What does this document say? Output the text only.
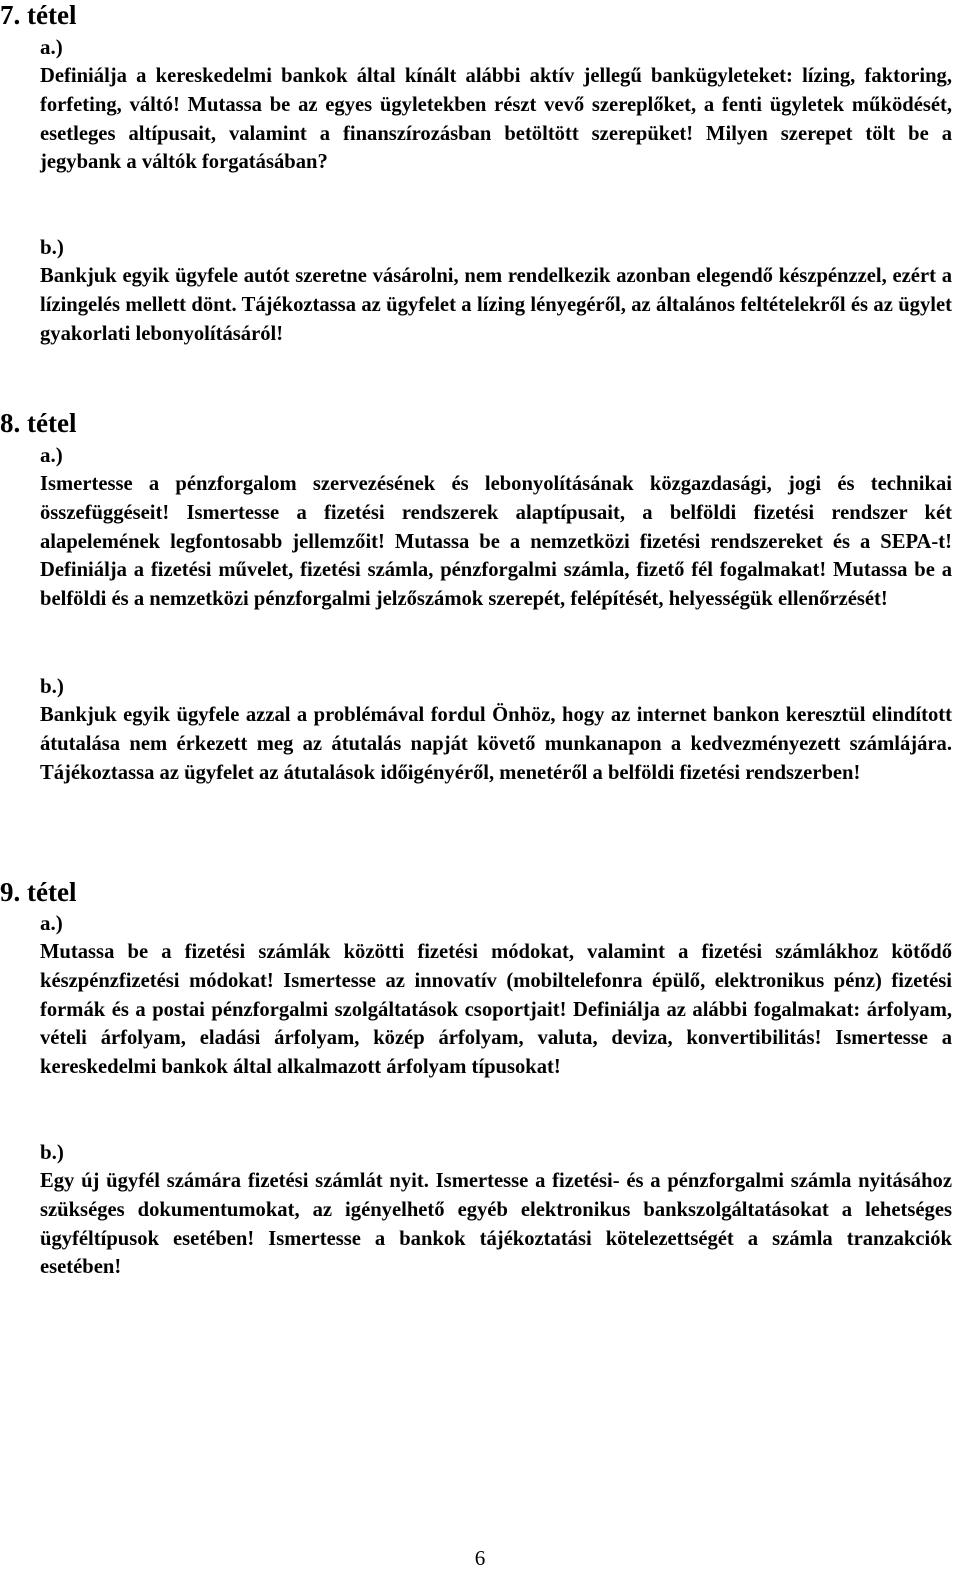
7. tétel
a.)
Definiálja a kereskedelmi bankok által kínált alábbi aktív jellegű bankügyleteket: lízing, faktoring, forfeting, váltó! Mutassa be az egyes ügyletekben részt vevő szereplőket, a fenti ügyletek működését, esetleges altípusait, valamint a finanszírozásban betöltött szerepüket! Milyen szerepet tölt be a jegybank a váltók forgatásában?
b.)
Bankjuk egyik ügyfele autót szeretne vásárolni, nem rendelkezik azonban elegendő készpénzzel, ezért a lízingelés mellett dönt. Tájékoztassa az ügyfelet a lízing lényegéről, az általános feltételekről és az ügylet gyakorlati lebonyolításáról!
8. tétel
a.)
Ismertesse a pénzforgalom szervezésének és lebonyolításának közgazdasági, jogi és technikai összefüggéseit! Ismertesse a fizetési rendszerek alaptípusait, a belföldi fizetési rendszer két alapelemének legfontosabb jellemzőit! Mutassa be a nemzetközi fizetési rendszereket és a SEPA-t! Definiálja a fizetési művelet, fizetési számla, pénzforgalmi számla, fizető fél fogalmakat! Mutassa be a belföldi és a nemzetközi pénzforgalmi jelzőszámok szerepét, felépítését, helyességük ellenőrzését!
b.)
Bankjuk egyik ügyfele azzal a problémával fordul Önhöz, hogy az internet bankon keresztül elindított átutalása nem érkezett meg az átutalás napját követő munkanapon a kedvezményezett számlájára. Tájékoztassa az ügyfelet az átutalások időigényéről, menetéről a belföldi fizetési rendszerben!
9. tétel
a.)
Mutassa be a fizetési számlák közötti fizetési módokat, valamint a fizetési számlákhoz kötődő készpénzfizetési módokat! Ismertesse az innovatív (mobiltelefonra épülő, elektronikus pénz) fizetési formák és a postai pénzforgalmi szolgáltatások csoportjait! Definiálja az alábbi fogalmakat: árfolyam, vételi árfolyam, eladási árfolyam, közép árfolyam, valuta, deviza, konvertibilitás! Ismertesse a kereskedelmi bankok által alkalmazott árfolyam típusokat!
b.)
Egy új ügyfél számára fizetési számlát nyit. Ismertesse a fizetési- és a pénzforgalmi számla nyitásához szükséges dokumentumokat, az igényelhető egyéb elektronikus bankszolgáltatásokat a lehetséges ügyféltípusok esetében! Ismertesse a bankok tájékoztatási kötelezettségét a számla tranzakciók esetében!
6
